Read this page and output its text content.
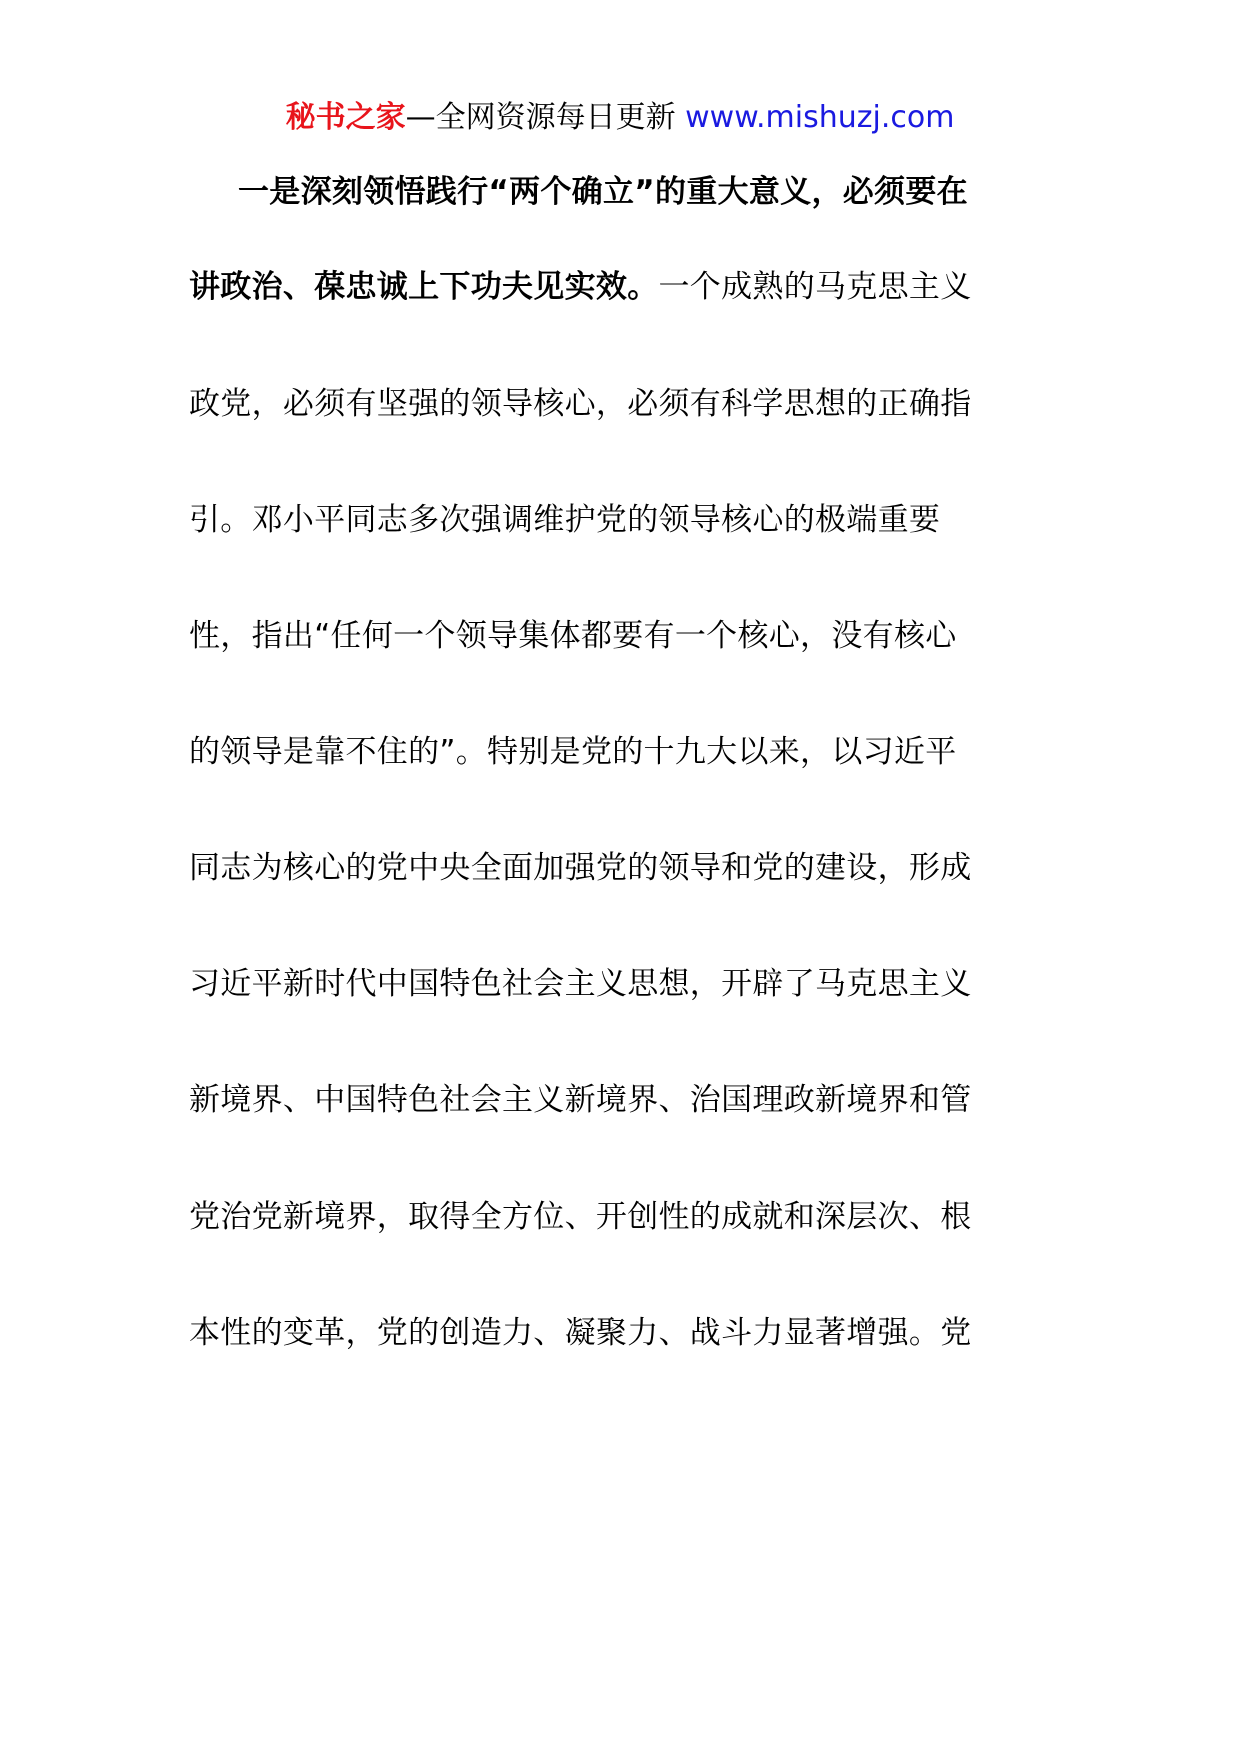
秘书之家—全网资源每日更新 www.mishuzj.com
一是深刻领悟践行“两个确立”的重大意义，必须要在
讲政治、葆忠诚上下功夫见实效。一个成熟的马克思主义
政党，必须有坚强的领导核心，必须有科学思想的正确指
引。邓小平同志多次强调维护党的领导核心的极端重要
性，指出“任何一个领导集体都要有一个核心，没有核心
的领导是靠不住的”。特别是党的十九大以来，以习近平
同志为核心的党中央全面加强党的领导和党的建设，形成
习近平新时代中国特色社会主义思想，开辟了马克思主义
新境界、中国特色社会主义新境界、治国理政新境界和管
党治党新境界，取得全方位、开创性的成就和深层次、根
本性的变革，党的创造力、凝聚力、战斗力显著增强。党
